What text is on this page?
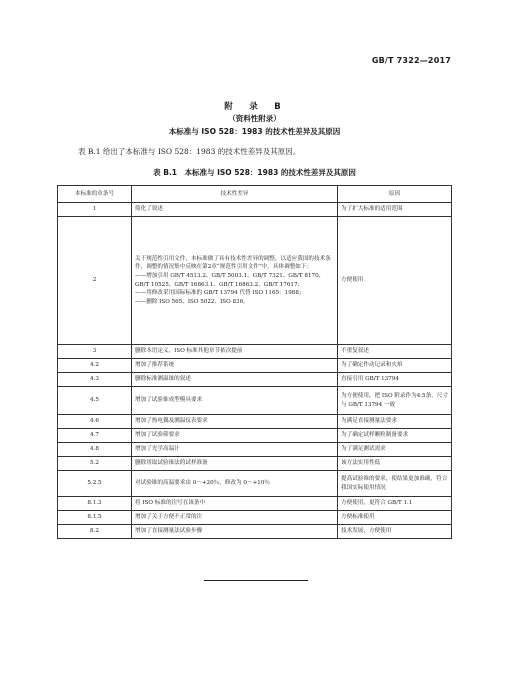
GB/T 7322—2017
附　录　B
（资料性附录）
本标准与 ISO 528：1983 的技术性差异及其原因
表 B.1 给出了本标准与 ISO 528：1983 的技术性差异及其原因。
表 B.1　本标准与 ISO 528：1983 的技术性差异及其原因
本标准的章条号	技术性差异	原因
1	简化了叙述	为了扩大标准的适用范围
2	关于规范性引用文件，本标准做了具有技术性差异的调整，以适应我国的技术条件，调整的情况集中反映在第2章“规范性引用文件”中，具体调整如下：
——增加引用 GB/T 4513.2、GB/T 5003.1、GB/T 7321、GB/T 8170、GB/T 10525、GB/T 16863.1、GB/T 16863.2、GB/T 17617；
——用修改采用国际标准的 GB/T 13794 代替 ISO 1165：1988；
——删除 ISO 565、ISO 5022、ISO 836。	方便使用
3	删除本语定义，ISO 标准其他章节依次提前	不重复叙述
4.2	增加了推荐系统	为了确定作动记录和火焰
4.3	删除标准测温锥的叙述	直接引用 GB/T 13794
4.5	增加了试验锥成型模具要求	为方便使用，把 ISO 附录作为4.5条，尺寸与 GB/T 13794 一致
4.6	增加了热电偶及测温仪表要求	为满足直接测量法要求
4.7	增加了试验筛要求	为了确定试样颗粒制备要求
4.8	增加了光学高温计	为了满足测试需求
5.2	删除用取试验锥法的试样准备	该方法实用性低
5.2.5	对试验锥的高温要求由 0～+20％，修改为 0～+10％	提高试验锥的要求，使结果更加准确，符合我国实际使用情况
8.1.3	将 ISO 标准的注写在该条中	方便使用，更符合 GB/T 1.1
8.1.5	增加了关于方便不正常的注	方便标准使用
8.2	增加了直接测量法试验步骤	技术发展，方便使用
